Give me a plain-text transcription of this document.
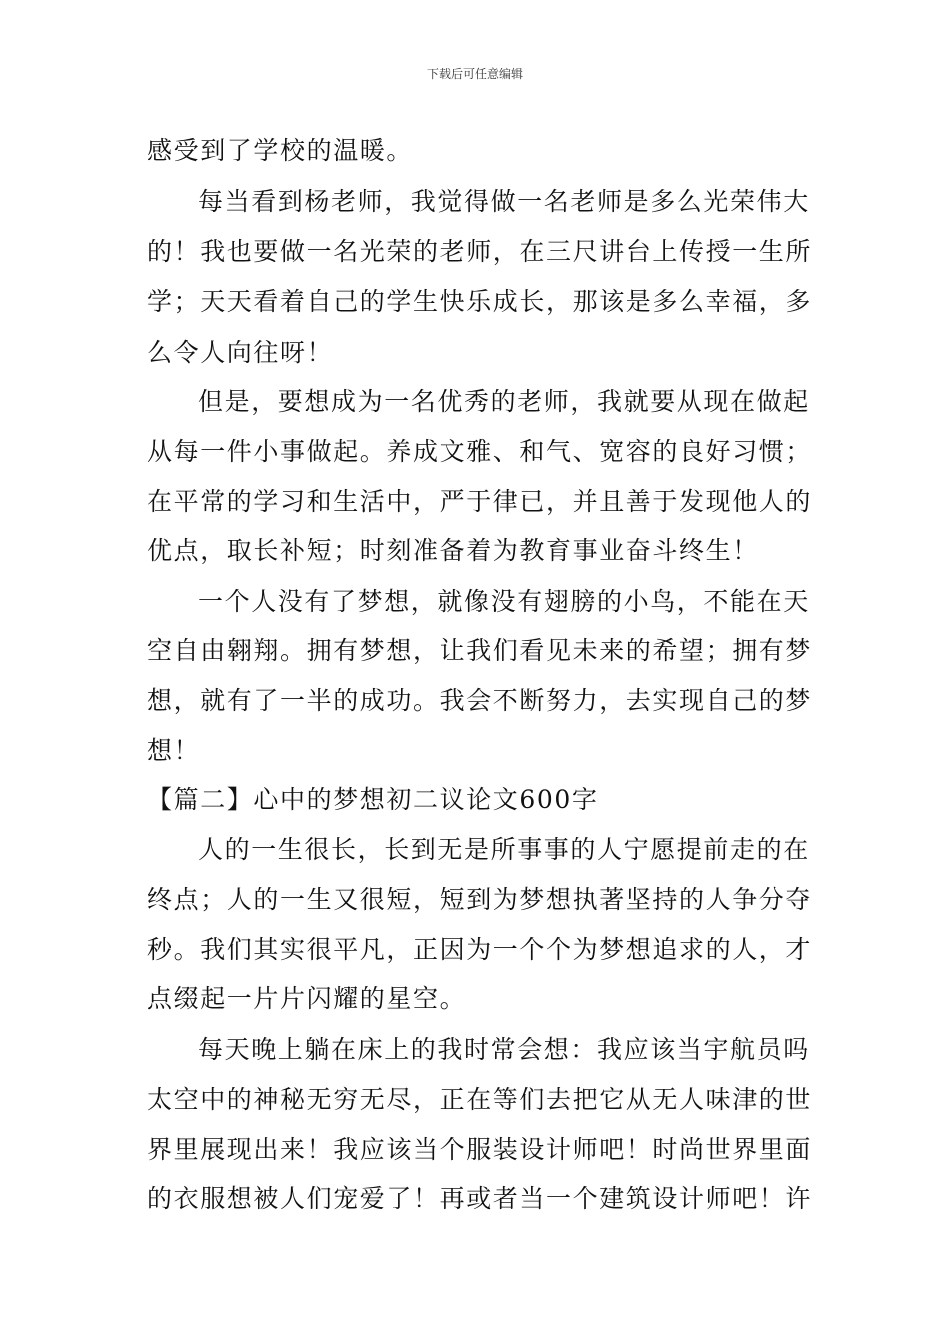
下载后可任意编辑
感受到了学校的温暖。
每当看到杨老师，我觉得做一名老师是多么光荣伟大
的！我也要做一名光荣的老师，在三尺讲台上传授一生所
学；天天看着自己的学生快乐成长，那该是多么幸福，多
么令人向往呀！
但是，要想成为一名优秀的老师，我就要从现在做起
从每一件小事做起。养成文雅、和气、宽容的良好习惯；
在平常的学习和生活中，严于律已，并且善于发现他人的
优点，取长补短；时刻准备着为教育事业奋斗终生！
一个人没有了梦想，就像没有翅膀的小鸟，不能在天
空自由翱翔。拥有梦想，让我们看见未来的希望；拥有梦
想，就有了一半的成功。我会不断努力，去实现自己的梦
想！
【篇二】心中的梦想初二议论文600字
人的一生很长，长到无是所事事的人宁愿提前走的在
终点；人的一生又很短，短到为梦想执著坚持的人争分夺
秒。我们其实很平凡，正因为一个个为梦想追求的人，才
点缀起一片片闪耀的星空。
每天晚上躺在床上的我时常会想：我应该当宇航员吗
太空中的神秘无穷无尽，正在等们去把它从无人味津的世
界里展现出来！我应该当个服装设计师吧！时尚世界里面
的衣服想被人们宠爱了！再或者当一个建筑设计师吧！许
